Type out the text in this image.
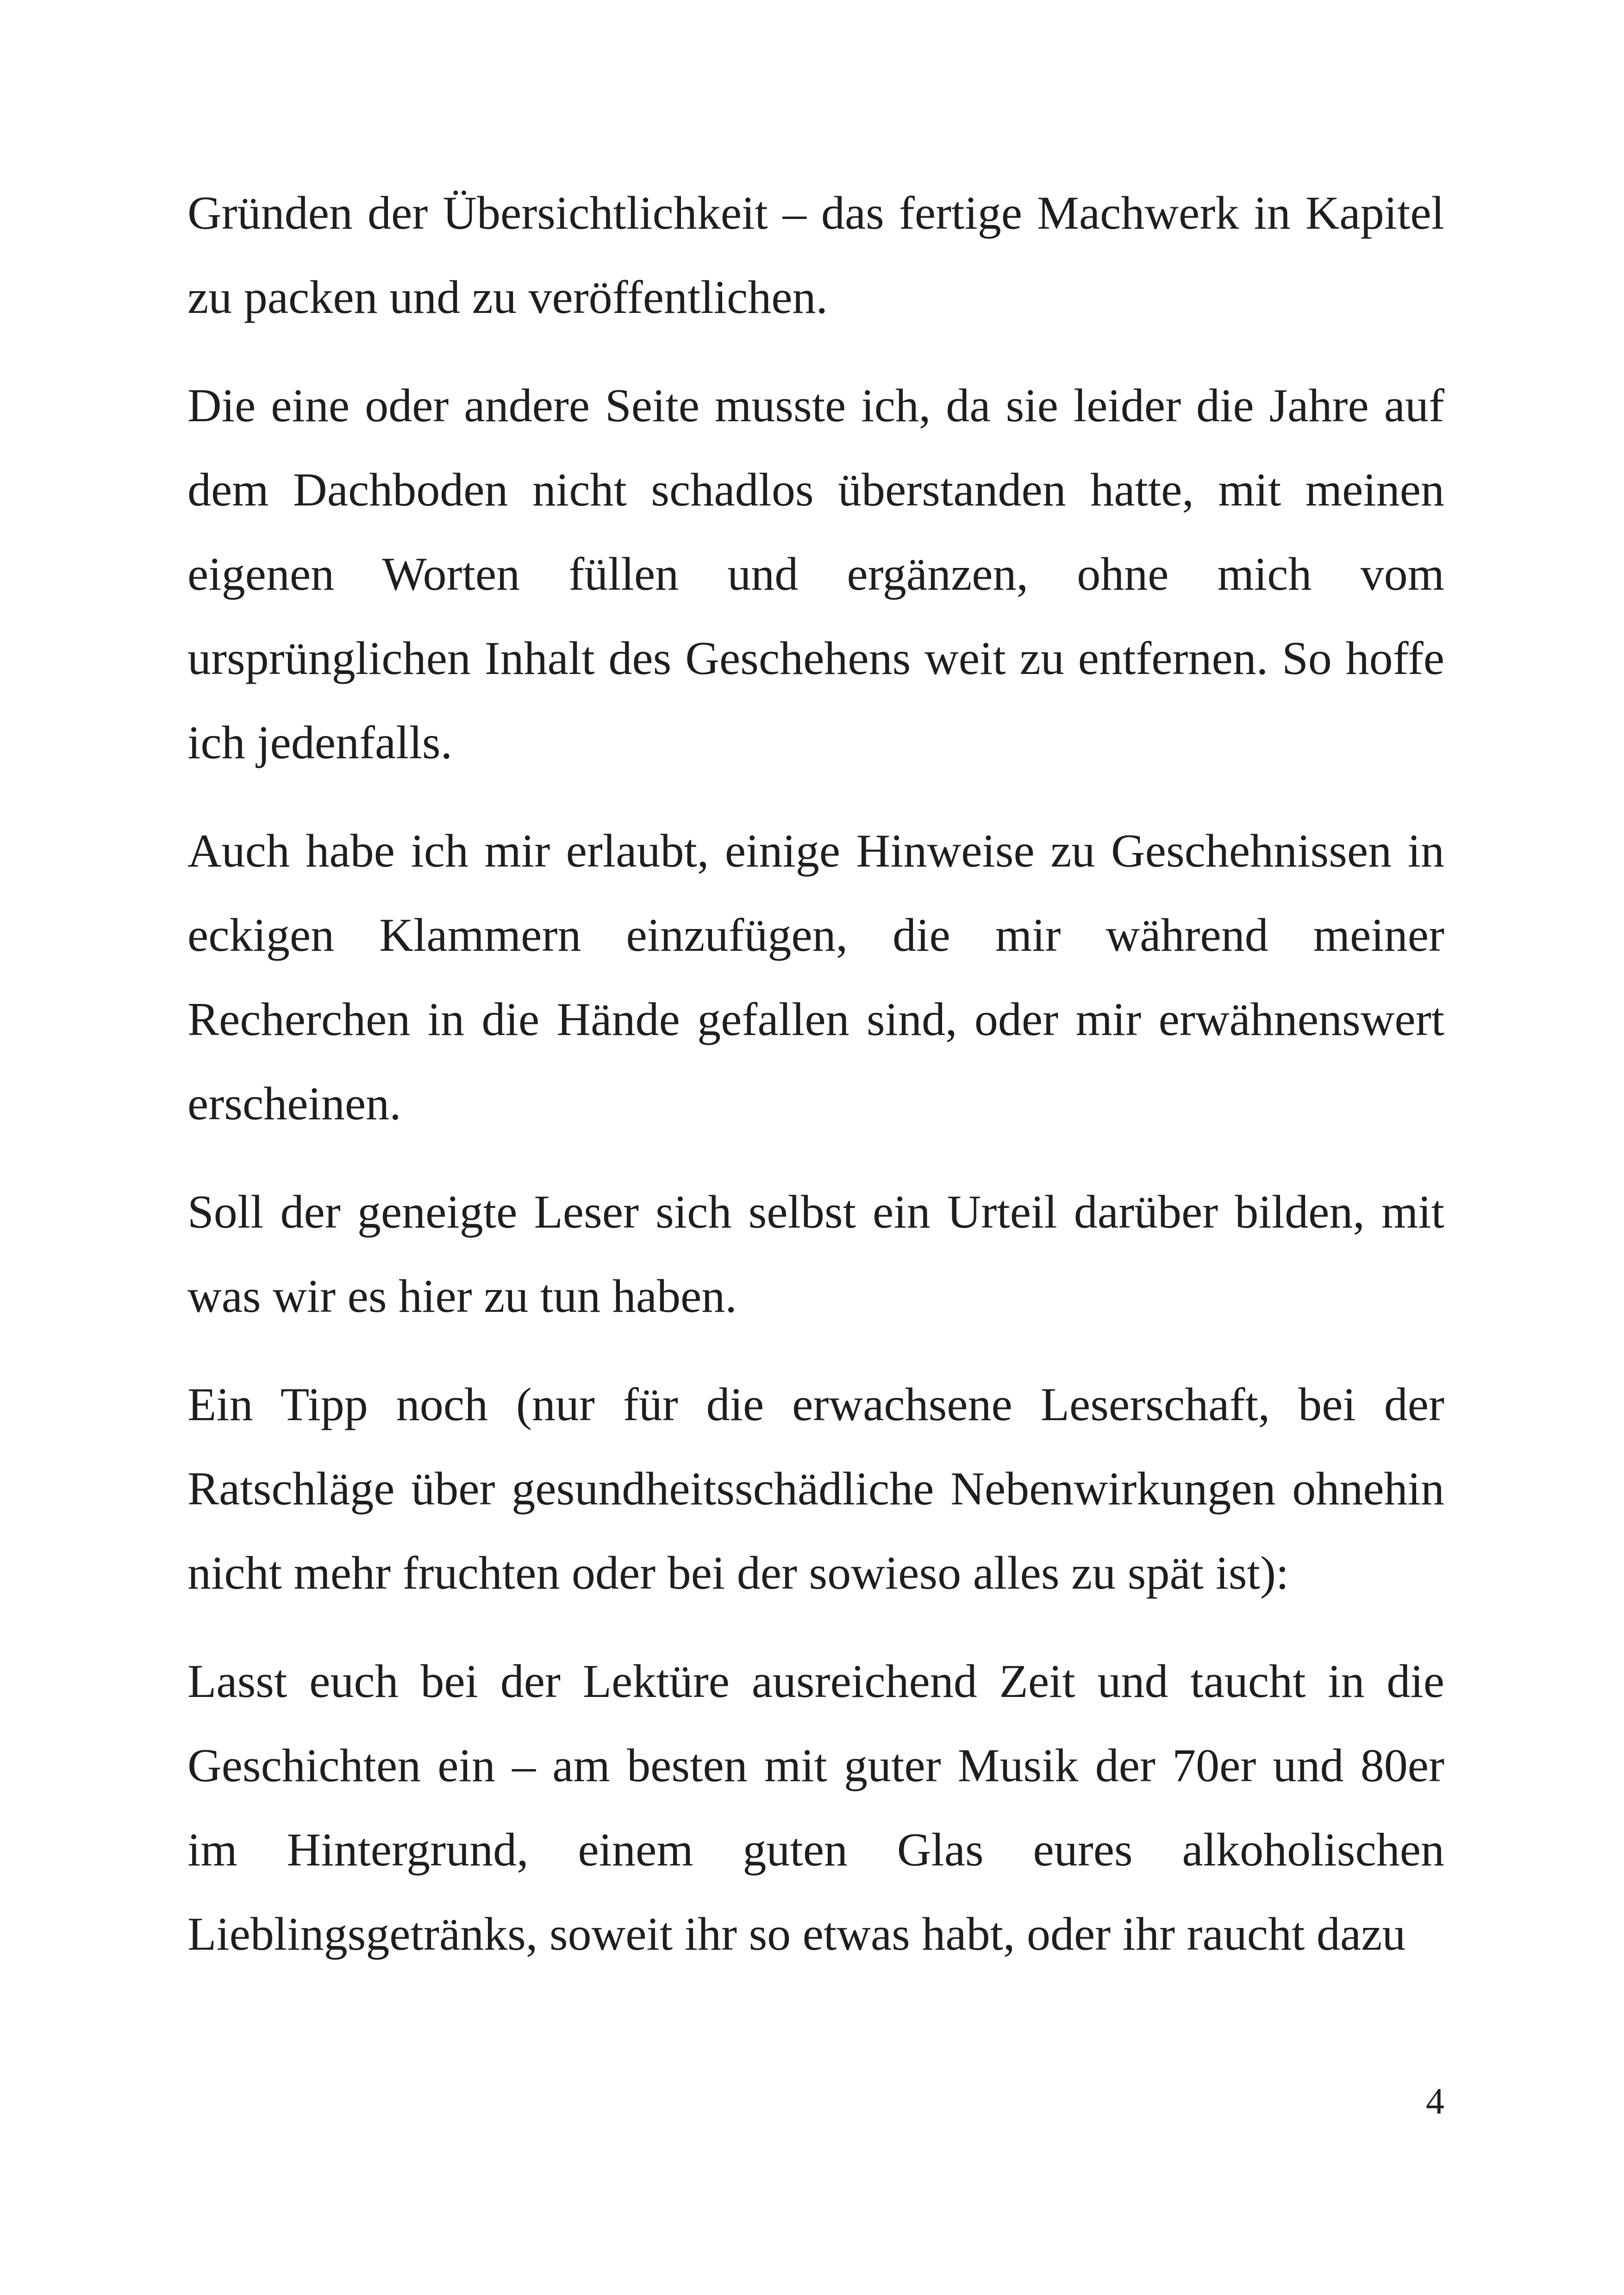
Gründen der Übersichtlichkeit – das fertige Machwerk in Kapitel zu packen und zu veröffentlichen.

Die eine oder andere Seite musste ich, da sie leider die Jahre auf dem Dachboden nicht schadlos überstanden hatte, mit meinen eigenen Worten füllen und ergänzen, ohne mich vom ursprünglichen Inhalt des Geschehens weit zu entfernen. So hoffe ich jedenfalls.

Auch habe ich mir erlaubt, einige Hinweise zu Geschehnissen in eckigen Klammern einzufügen, die mir während meiner Recherchen in die Hände gefallen sind, oder mir erwähnenswert erscheinen.

Soll der geneigte Leser sich selbst ein Urteil darüber bilden, mit was wir es hier zu tun haben.

Ein Tipp noch (nur für die erwachsene Leserschaft, bei der Ratschläge über gesundheitsschädliche Nebenwirkungen ohnehin nicht mehr fruchten oder bei der sowieso alles zu spät ist):

Lasst euch bei der Lektüre ausreichend Zeit und taucht in die Geschichten ein – am besten mit guter Musik der 70er und 80er im Hintergrund, einem guten Glas eures alkoholischen Lieblingsgetränks, soweit ihr so etwas habt, oder ihr raucht dazu

4
